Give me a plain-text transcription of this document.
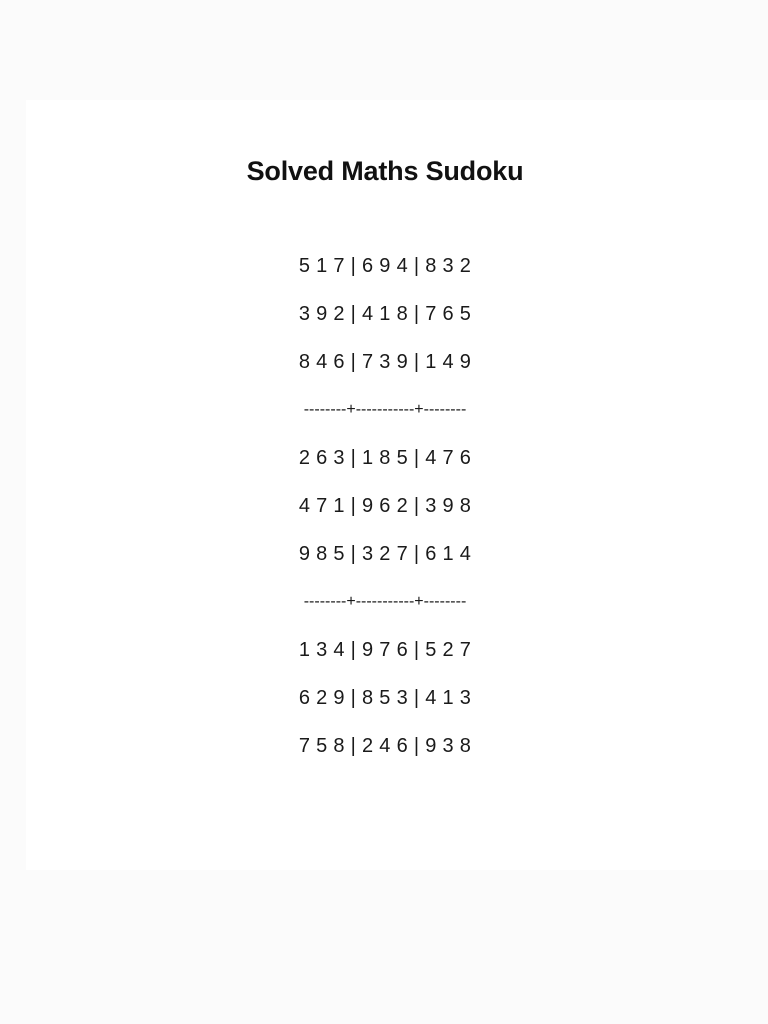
Solved Maths Sudoku
5 1 7 | 6 9 4 | 8 3 2
3 9 2 | 4 1 8 | 7 6 5
8 4 6 | 7 3 9 | 1 4 9
--------+-----------+--------
2 6 3 | 1 8 5 | 4 7 6
4 7 1 | 9 6 2 | 3 9 8
9 8 5 | 3 2 7 | 6 1 4
--------+-----------+--------
1 3 4 | 9 7 6 | 5 2 7
6 2 9 | 8 5 3 | 4 1 3
7 5 8 | 2 4 6 | 9 3 8
